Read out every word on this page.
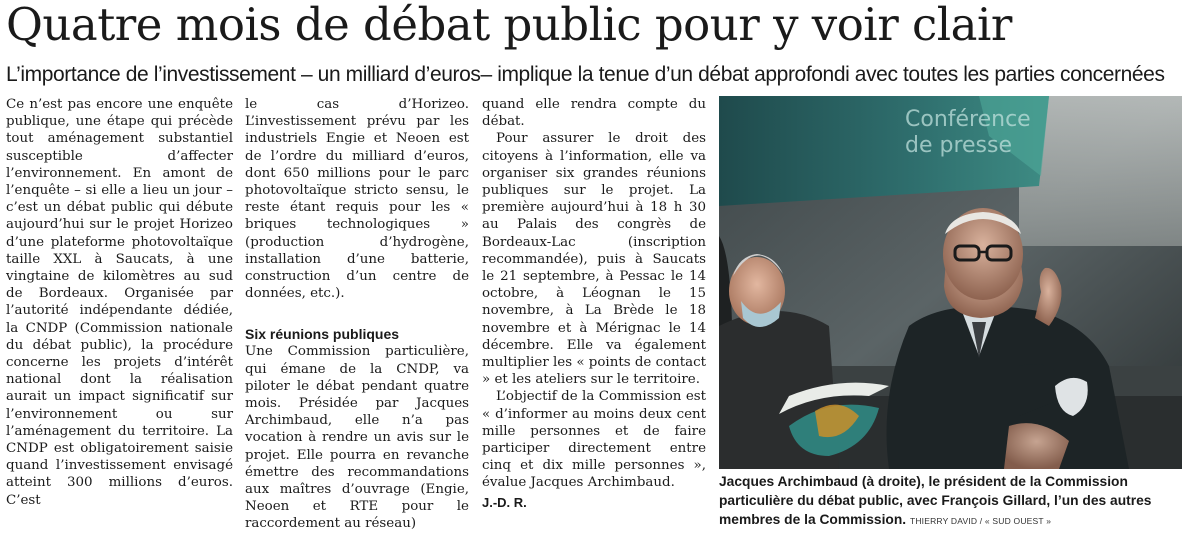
Quatre mois de débat public pour y voir clair
L’importance de l’investissement – un milliard d’euros– implique la tenue d’un débat approfondi avec toutes les parties concernées

Ce n’est pas encore une enquête publique, une étape qui précède tout aménagement substantiel susceptible d’affecter l’environnement. En amont de l’enquête – si elle a lieu un jour – c’est un débat public qui débute aujourd’hui sur le projet Horizeo d’une plateforme photovoltaïque taille XXL à Saucats, à une vingtaine de kilomètres au sud de Bordeaux. Organisée par l’autorité indépendante dédiée, la CNDP (Commission nationale du débat public), la procédure concerne les projets d’intérêt national dont la réalisation aurait un impact significatif sur l’environnement ou sur l’aménagement du territoire. La CNDP est obligatoirement saisie quand l’investissement envisagé atteint 300 millions d’euros. C’est

le cas d’Horizeo. L’investissement prévu par les industriels Engie et Neoen est de l’ordre du milliard d’euros, dont 650 millions pour le parc photovoltaïque stricto sensu, le reste étant requis pour les « briques technologiques » (production d’hydrogène, installation d’une batterie, construction d’un centre de données, etc.).

Six réunions publiques

Une Commission particulière, qui émane de la CNDP, va piloter le débat pendant quatre mois. Présidée par Jacques Archimbaud, elle n’a pas vocation à rendre un avis sur le projet. Elle pourra en revanche émettre des recommandations aux maîtres d’ouvrage (Engie, Neoen et RTE pour le raccordement au réseau)

quand elle rendra compte du débat.

Pour assurer le droit des citoyens à l’information, elle va organiser six grandes réunions publiques sur le projet. La première aujourd’hui à 18 h 30 au Palais des congrès de Bordeaux-Lac (inscription recommandée), puis à Saucats le 21 septembre, à Pessac le 14 octobre, à Léognan le 15 novembre, à La Brède le 18 novembre et à Mérignac le 14 décembre. Elle va également multiplier les « points de contact » et les ateliers sur le territoire.

L’objectif de la Commission est « d’informer au moins deux cent mille personnes et de faire participer directement entre cinq et dix mille personnes », évalue Jacques Archimbaud.

J.-D. R.

Conférence
de presse

Jacques Archimbaud (à droite), le président de la Commission particulière du débat public, avec François Gillard, l’un des autres membres de la Commission. THIERRY DAVID / « SUD OUEST »
